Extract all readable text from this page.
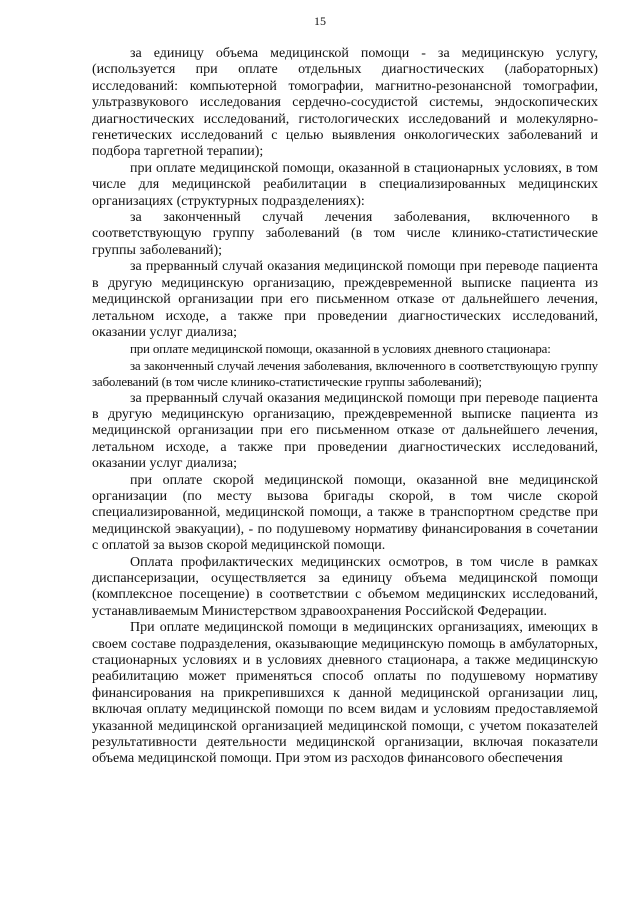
15

за единицу объема медицинской помощи - за медицинскую услугу, (используется при оплате отдельных диагностических (лабораторных) исследований: компьютерной томографии, магнитно-резонансной томографии, ультразвукового исследования сердечно-сосудистой системы, эндоскопических диагностических исследований, гистологических исследований и молекулярно-генетических исследований с целью выявления онкологических заболеваний и подбора таргетной терапии);

при оплате медицинской помощи, оказанной в стационарных условиях, в том числе для медицинской реабилитации в специализированных медицинских организациях (структурных подразделениях):

за законченный случай лечения заболевания, включенного в соответствующую группу заболеваний (в том числе клинико-статистические группы заболеваний);

за прерванный случай оказания медицинской помощи при переводе пациента в другую медицинскую организацию, преждевременной выписке пациента из медицинской организации при его письменном отказе от дальнейшего лечения, летальном исходе, а также при проведении диагностических исследований, оказании услуг диализа;

при оплате медицинской помощи, оказанной в условиях дневного стационара:

за законченный случай лечения заболевания, включенного в соответствующую группу заболеваний (в том числе клинико-статистические группы заболеваний);

за прерванный случай оказания медицинской помощи при переводе пациента в другую медицинскую организацию, преждевременной выписке пациента из медицинской организации при его письменном отказе от дальнейшего лечения, летальном исходе, а также при проведении диагностических исследований, оказании услуг диализа;

при оплате скорой медицинской помощи, оказанной вне медицинской организации (по месту вызова бригады скорой, в том числе скорой специализированной, медицинской помощи, а также в транспортном средстве при медицинской эвакуации), - по подушевому нормативу финансирования в сочетании с оплатой за вызов скорой медицинской помощи.

Оплата профилактических медицинских осмотров, в том числе в рамках диспансеризации, осуществляется за единицу объема медицинской помощи (комплексное посещение) в соответствии с объемом медицинских исследований, устанавливаемым Министерством здравоохранения Российской Федерации.

При оплате медицинской помощи в медицинских организациях, имеющих в своем составе подразделения, оказывающие медицинскую помощь в амбулаторных, стационарных условиях и в условиях дневного стационара, а также медицинскую реабилитацию может применяться способ оплаты по подушевому нормативу финансирования на прикрепившихся к данной медицинской организации лиц, включая оплату медицинской помощи по всем видам и условиям предоставляемой указанной медицинской организацией медицинской помощи, с учетом показателей результативности деятельности медицинской организации, включая показатели объема медицинской помощи. При этом из расходов финансового обеспечения
